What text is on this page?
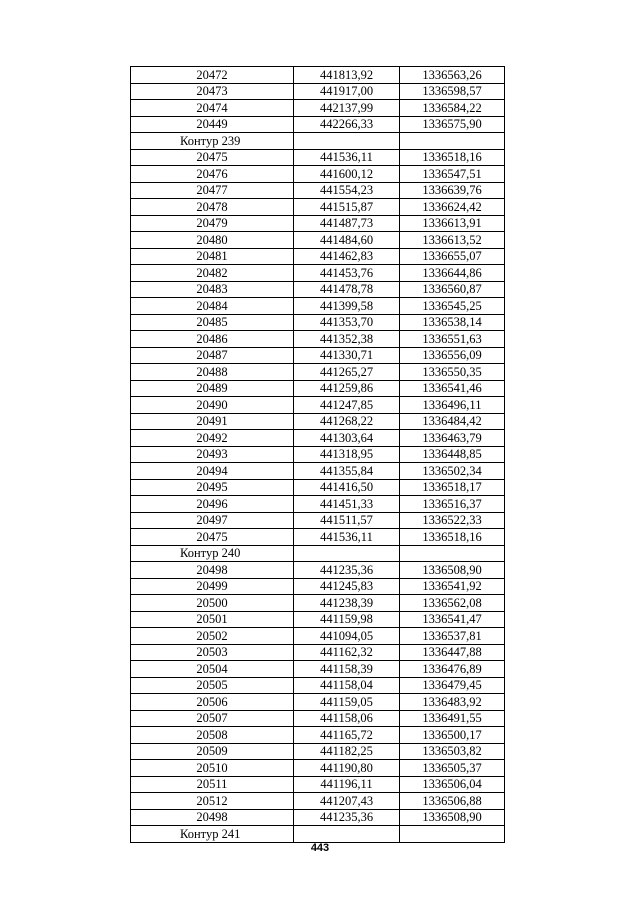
20472	441813,92	1336563,26
20473	441917,00	1336598,57
20474	442137,99	1336584,22
20449	442266,33	1336575,90
Контур 239		
20475	441536,11	1336518,16
20476	441600,12	1336547,51
20477	441554,23	1336639,76
20478	441515,87	1336624,42
20479	441487,73	1336613,91
20480	441484,60	1336613,52
20481	441462,83	1336655,07
20482	441453,76	1336644,86
20483	441478,78	1336560,87
20484	441399,58	1336545,25
20485	441353,70	1336538,14
20486	441352,38	1336551,63
20487	441330,71	1336556,09
20488	441265,27	1336550,35
20489	441259,86	1336541,46
20490	441247,85	1336496,11
20491	441268,22	1336484,42
20492	441303,64	1336463,79
20493	441318,95	1336448,85
20494	441355,84	1336502,34
20495	441416,50	1336518,17
20496	441451,33	1336516,37
20497	441511,57	1336522,33
20475	441536,11	1336518,16
Контур 240		
20498	441235,36	1336508,90
20499	441245,83	1336541,92
20500	441238,39	1336562,08
20501	441159,98	1336541,47
20502	441094,05	1336537,81
20503	441162,32	1336447,88
20504	441158,39	1336476,89
20505	441158,04	1336479,45
20506	441159,05	1336483,92
20507	441158,06	1336491,55
20508	441165,72	1336500,17
20509	441182,25	1336503,82
20510	441190,80	1336505,37
20511	441196,11	1336506,04
20512	441207,43	1336506,88
20498	441235,36	1336508,90
Контур 241		
443
